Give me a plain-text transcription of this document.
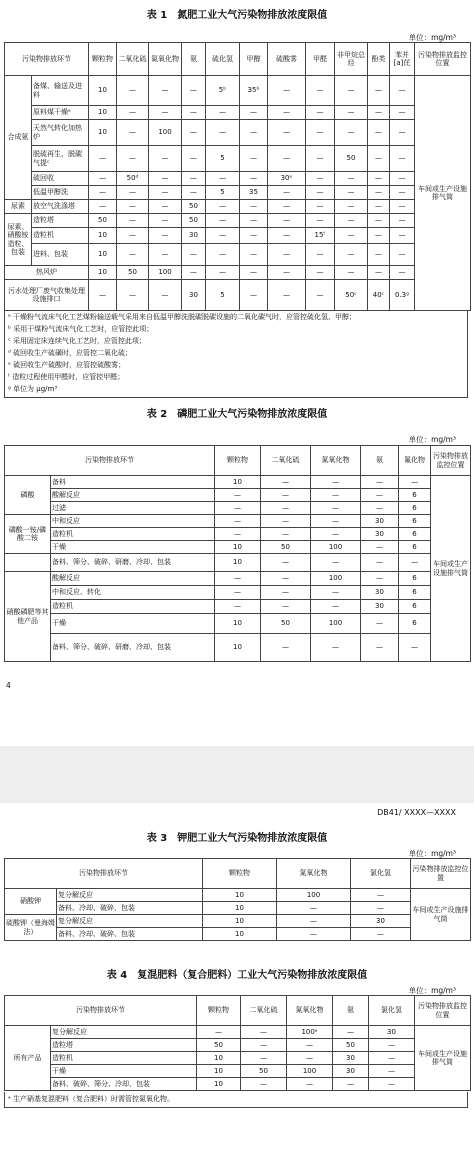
表 1　氮肥工业大气污染物排放浓度限值
单位：mg/m³
污染物排放环节		颗粒物	二氧化硫	氮氧化物	氨	硫化氢	甲醇	硫酸雾	甲醛	非甲烷总烃	酚类	苯并[a]芘	污染物排放监控位置
合成氨	备煤、输送及进料	10	—	—	—	5ᵇ	35ᵇ	—	—	—	—	—	车间或生产设施排气筒
	原料煤干燥ᵃ	10	—	—	—	—	—	—	—	—	—	—	
	天然气转化加热炉	10	—	100	—	—	—	—	—	—	—	—	
	脱硫再生、脱碳气提ᶜ	—	—	—	—	5	—	—	—	50	—	—	
	硫回收	—	50ᵈ	—	—	—	—	30ᵉ	—	—	—	—	
	低温甲醇洗	—	—	—	—	5	35	—	—	—	—	—	
尿素	放空气洗涤塔	—	—	—	50	—	—	—	—	—	—	—	
尿素、硝酸铵造粒、包装	造粒塔	50	—	—	50	—	—	—	—	—	—	—	
	造粒机	10	—	—	30	—	—	—	15ᶠ	—	—	—	
	进料、包装	10	—	—	—	—	—	—	—	—	—	—	
热风炉		10	50	100	—	—	—	—	—	—	—	—	
污水处理厂废气收集处理设施排口		—	—	—	30	5	—	—	—	50ᶜ	40ᶜ	0.3ᵍ	
ᵃ 干燥粉气流床气化工艺煤粉输送载气采用来自低温甲醇洗脱碳脱碳设施的二氧化碳气时，应管控硫化氢、甲醇；
ᵇ 采用干煤粉气流床气化工艺时，应管控此项；
ᶜ 采用固定床连续气化工艺时，应管控此项；
ᵈ 硫回收生产硫磺时，应管控二氧化硫；
ᵉ 硫回收生产硫酸时，应管控硫酸雾；
ᶠ 造粒过程使用甲醛时，应管控甲醛；
ᵍ 单位为 μg/m³
表 2　磷肥工业大气污染物排放浓度限值
单位：mg/m³
污染物排放环节		颗粒物	二氧化硫	氮氧化物	氨	氟化物	污染物排放监控位置
磷酸	备料	10	—	—	—	—	车间或生产设施排气筒
	酸解反应	—	—	—	—	6	
	过滤	—	—	—	—	6	
磷酸一铵/磷酸二铵	中和反应	—	—	—	30	6	
	造粒机	—	—	—	30	6	
	干燥	10	50	100	—	6	
	备料、筛分、破碎、研磨、冷却、包装	10	—	—	—	—	
硝酸磷肥等其他产品	酸解反应	—	—	100	—	6	
	中和反应、转化	—	—	—	30	6	
	造粒机	—	—	—	30	6	
	干燥	10	50	100	—	6	
	备料、筛分、破碎、研磨、冷却、包装	10	—	—	—	—	
4
DB41/ XXXX—XXXX
表 3　钾肥工业大气污染物排放浓度限值
单位：mg/m³
污染物排放环节		颗粒物	氮氧化物	氯化氢	污染物排放监控位置
硝酸钾	复分解反应	10	100	—	车间或生产设施排气筒
	备料、冷却、破碎、包装	10	—	—	
硫酸钾（曼海姆法）	复分解反应	10	—	30	
	备料、冷却、破碎、包装	10	—	—	
表 4　复混肥料（复合肥料）工业大气污染物排放浓度限值
单位：mg/m³
污染物排放环节		颗粒物	二氧化硫	氮氧化物	氨	氯化氢	污染物排放监控位置
所有产品	复分解反应	—	—	100ᵃ	—	30	车间或生产设施排气筒
	造粒塔	50	—	—	50	—	
	造粒机	10	—	—	30	—	
	干燥	10	50	100	30	—	
	备料、破碎、筛分、冷却、包装	10	—	—	—	—	
ᵃ 生产硝基复混肥料（复合肥料）时需管控氮氧化物。
